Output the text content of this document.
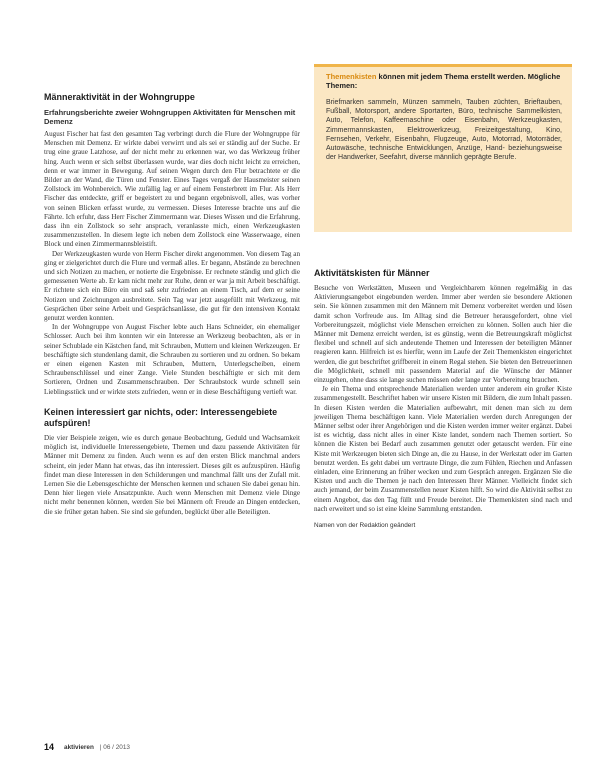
Männeraktivität in der Wohngruppe
Erfahrungsberichte zweier Wohngruppen Aktivitäten für Menschen mit Demenz

August Fischer hat fast den gesamten Tag verbringt durch die Flure der Wohngruppe für Menschen mit Demenz. Er wirkte dabei verwirrt und als sei er ständig auf der Suche. Er trug eine graue Latzhose, auf der nicht mehr zu erkennen war, wo das Werkzeug früher hing. Auch wenn er sich selbst überlassen wurde, war dies doch nicht leicht zu erreichen, denn er war immer in Bewegung. Auf seinen Wegen durch den Flur betrachtete er die Bilder an der Wand, die Türen und Fenster. Eines Tages vergaß der Hausmeister seinen Zollstock im Wohnbereich. Wie zufällig lag er auf einem Fensterbrett im Flur. Als Herr Fischer das entdeckte, griff er begeistert zu und begann ergebnisvoll, alles, was vorher von seinen Blicken erfasst wurde, zu vermessen. Dieses Interesse brachte uns auf die Fährte. Ich erfuhr, dass Herr Fischer Zimmermann war. Dieses Wissen und die Erfahrung, dass ihn ein Zollstock so sehr ansprach, veranlasste mich, einen Werkzeugkasten zusammenzustellen. In diesem legte ich neben dem Zollstock eine Wasserwaage, einen Block und einen Zimmermannsbleistift.

Der Werkzeugkasten wurde von Herrn Fischer direkt angenommen. Von diesem Tag an ging er zielgerichtet durch die Flure und vermaß alles. Er begann, Abstände zu berechnen und sich Notizen zu machen, er notierte die Ergebnisse. Er rechnete ständig und glich die gemessenen Werte ab. Er kam nicht mehr zur Ruhe, denn er war ja mit Arbeit beschäftigt. Er richtete sich ein Büro ein und saß sehr zufrieden an einem Tisch, auf dem er seine Notizen und Zeichnungen ausbreitete. Sein Tag war jetzt ausgefüllt mit Werkzeug, mit Gesprächen über seine Arbeit und Gesprächsanlässe, die gut für den intensiven Kontakt genutzt werden konnten.

In der Wohngruppe von August Fischer lebte auch Hans Schneider, ein ehemaliger Schlosser. Auch bei ihm konnten wir ein Interesse an Werkzeug beobachten, als er in seiner Schublade ein Kästchen fand, mit Schrauben, Muttern und kleinen Werkzeugen. Er beschäftigte sich stundenlang damit, die Schrauben zu sortieren und zu ordnen. So bekam er einen eigenen Kasten mit Schrauben, Muttern, Unterlegscheiben, einem Schraubenschlüssel und einer Zange. Viele Stunden beschäftigte er sich mit dem Sortieren, Ordnen und Zusammenschrauben. Der Schraubstock wurde schnell sein Lieblingsstück und er wirkte stets zufrieden, wenn er in diese Beschäftigung vertieft war.

Keinen interessiert gar nichts, oder: Interessengebiete aufspüren!

Die vier Beispiele zeigen, wie es durch genaue Beobachtung, Geduld und Wachsamkeit möglich ist, individuelle Interessengebiete, Themen und dazu passende Aktivitäten für Männer mit Demenz zu finden. Auch wenn es auf den ersten Blick manchmal anders scheint, ein jeder Mann hat etwas, das ihn interessiert. Dieses gilt es aufzuspüren. Häufig findet man diese Interessen in den Schilderungen und manchmal fällt uns der Zufall mit. Lernen Sie die Lebensgeschichte der Menschen kennen und schauen Sie dabei genau hin. Denn hier liegen viele Ansatzpunkte. Auch wenn Menschen mit Demenz viele Dinge nicht mehr benennen können, werden Sie bei Männern oft Freude an Dingen entdecken, die sie früher getan haben. Sie sind sie gefunden, beglückt über alle Beteiligten.

Themenkisten können mit jedem Thema erstellt werden. Mögliche Themen:
Briefmarken sammeln, Münzen sammeln, Tauben züchten, Brieftauben, Fußball, Motorsport, andere Sportarten, Büro, technische Sammelkisten, Auto, Telefon, Kaffeemaschine oder Eisenbahn, Werkzeugkasten, Zimmermannskasten, Elektrowerkzeug, Freizeitgestaltung, Kino, Fernsehen, Verkehr, Eisenbahn, Flugzeuge, Auto, Motorrad, Motorräder, Autowäsche, technische Entwicklungen, Anzüge, Hand- beziehungsweise der Handwerker, Seefahrt, diverse männlich geprägte Berufe.
Aktivitätskisten für Männer

Besuche von Werkstätten, Museen und Vergleichbarem können regelmäßig in das Aktivierungsangebot eingebunden werden. Immer aber werden sie besondere Aktionen sein. Sie können zusammen mit den Männern mit Demenz vorbereitet werden und lösen damit schon Vorfreude aus. Im Alltag sind die Betreuer herausgefordert, ohne viel Vorbereitungszeit, möglichst viele Menschen erreichen zu können. Sollen auch hier die Männer mit Demenz erreicht werden, ist es günstig, wenn die Betreuungskraft möglichst flexibel und schnell auf sich andeutende Themen und Interessen der beteiligten Männer reagieren kann. Hilfreich ist es hierfür, wenn im Laufe der Zeit Themenkisten eingerichtet werden, die gut beschriftet griffbereit in einem Regal stehen. Sie bieten den Betreuerinnen die Möglichkeit, schnell mit passendem Material auf die Wünsche der Männer einzugehen, ohne dass sie lange suchen müssen oder lange zur Vorbereitung brauchen.

Je ein Thema und entsprechende Materialien werden unter anderem ein großer Kiste zusammengestellt. Beschriftet haben wir unsere Kisten mit Bildern, die zum Inhalt passen. In diesen Kisten werden die Materialien aufbewahrt, mit denen man sich zu dem jeweiligen Thema beschäftigen kann. Viele Materialien werden durch Anregungen der Männer selbst oder ihrer Angehörigen und die Kisten werden immer weiter ergänzt. Dabei ist es wichtig, dass nicht alles in einer Kiste landet, sondern nach Themen sortiert. So können die Kisten bei Bedarf auch zusammen genutzt oder getauscht werden. Für eine Kiste mit Werkzeugen bieten sich Dinge an, die zu Hause, in der Werkstatt oder im Garten benutzt werden. Es geht dabei um vertraute Dinge, die zum Fühlen, Riechen und Anfassen einladen, eine Erinnerung an früher wecken und zum Gespräch anregen. Ergänzen Sie die Kisten und auch die Themen je nach den Interessen Ihrer Männer. Vielleicht findet sich auch jemand, der beim Zusammenstellen neuer Kisten hilft. So wird die Aktivität selbst zu einem Angebot, das den Tag füllt und Freude bereitet. Die Themenkisten sind nach und nach erweitert und so ist eine kleine Sammlung entstanden.

Namen von der Redaktion geändert
14 aktivieren | 06 / 2013
